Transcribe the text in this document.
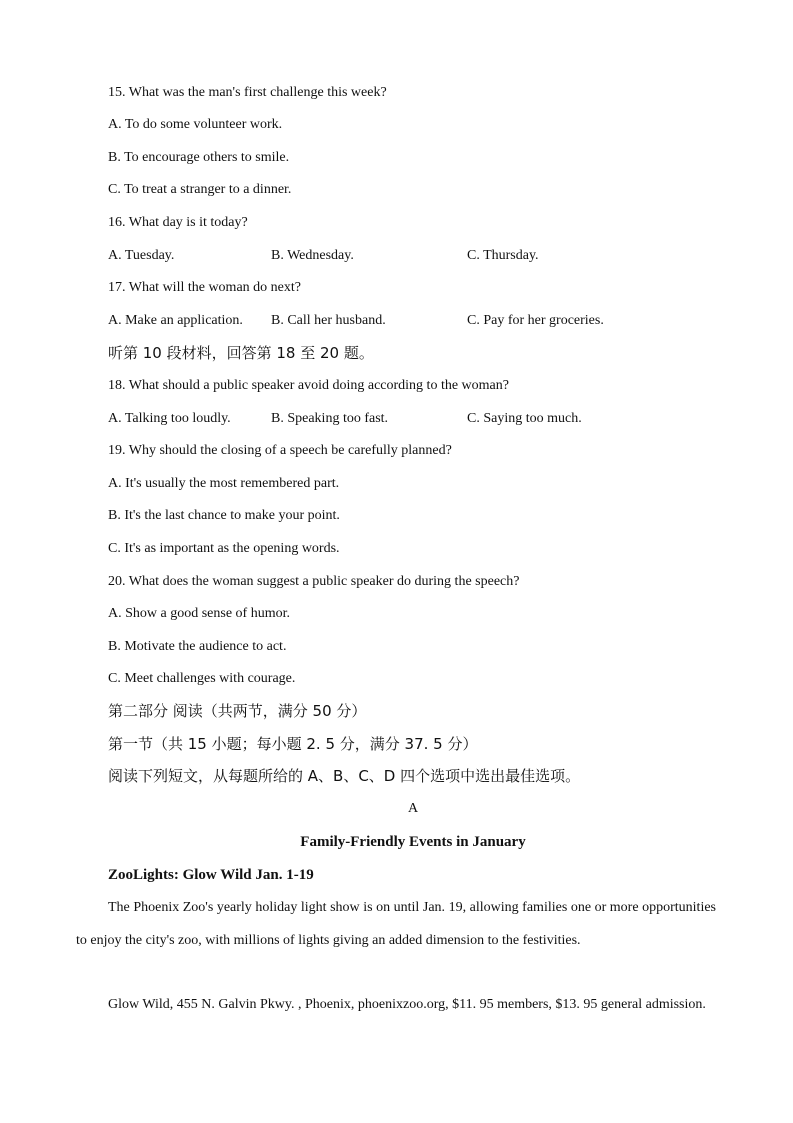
15. What was the man's first challenge this week?
A. To do some volunteer work.
B. To encourage others to smile.
C. To treat a stranger to a dinner.
16. What day is it today?
A. Tuesday.	B. Wednesday.	C. Thursday.
17. What will the woman do next?
A. Make an application. B. Call her husband.	C. Pay for her groceries.
听第 10 段材料，回答第 18 至 20 题。
18. What should a public speaker avoid doing according to the woman?
A. Talking too loudly.	B. Speaking too fast.	C. Saying too much.
19. Why should the closing of a speech be carefully planned?
A. It's usually the most remembered part.
B. It's the last chance to make your point.
C. It's as important as the opening words.
20. What does the woman suggest a public speaker do during the speech?
A. Show a good sense of humor.
B. Motivate the audience to act.
C. Meet challenges with courage.
第二部分 阅读（共两节，满分 50 分）
第一节（共 15 小题；每小题 2. 5 分，满分 37. 5 分）
阅读下列短文，从每题所给的 A、B、C、D 四个选项中选出最佳选项。
A
Family-Friendly Events in January
ZooLights: Glow Wild Jan. 1-19
The Phoenix Zoo's yearly holiday light show is on until Jan. 19, allowing families one or more opportunities to enjoy the city's zoo, with millions of lights giving an added dimension to the festivities.
Glow Wild, 455 N. Galvin Pkwy. , Phoenix, phoenixzoo.org, $11. 95 members, $13. 95 general admission.
